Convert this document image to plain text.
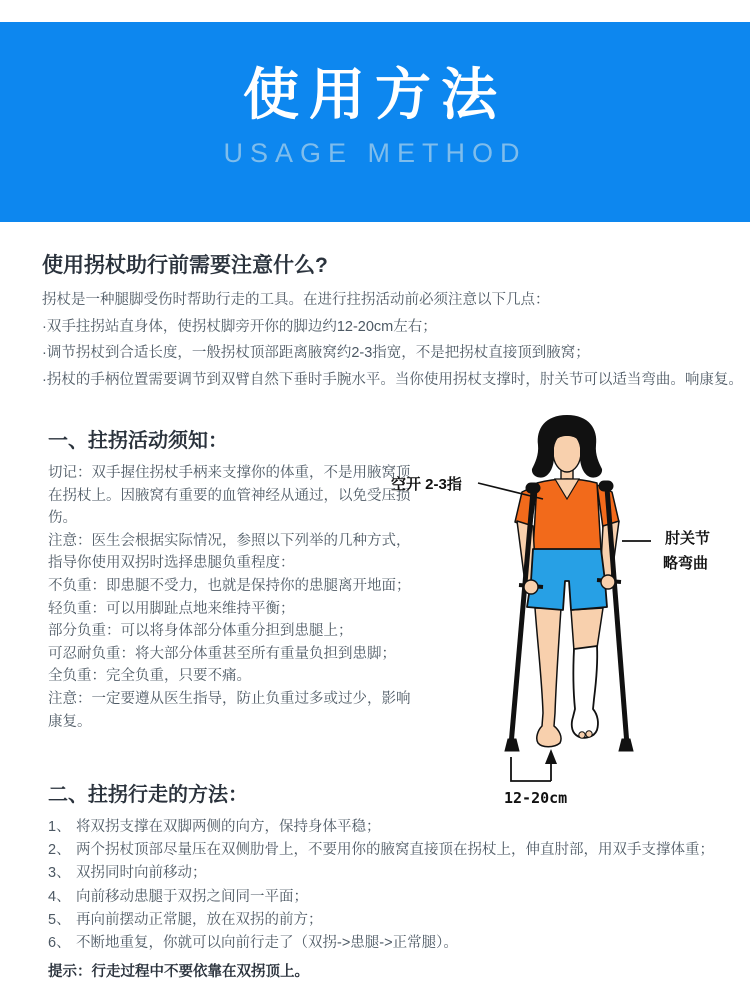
使用方法
USAGE METHOD
使用拐杖助行前需要注意什么?
拐杖是一种腿脚受伤时帮助行走的工具。在进行拄拐活动前必须注意以下几点：
·双手拄拐站直身体，使拐杖脚旁开你的脚边约12-20cm左右；
·调节拐杖到合适长度，一般拐杖顶部距离腋窝约2-3指宽，不是把拐杖直接顶到腋窝；
·拐杖的手柄位置需要调节到双臂自然下垂时手腕水平。当你使用拐杖支撑时，肘关节可以适当弯曲。响康复。
一、拄拐活动须知：
切记：双手握住拐杖手柄来支撑你的体重，不是用腋窝顶
在拐杖上。因腋窝有重要的血管神经从通过，以免受压损
伤。
注意：医生会根据实际情况，参照以下列举的几种方式，
指导你使用双拐时选择患腿负重程度：
不负重：即患腿不受力，也就是保持你的患腿离开地面；
轻负重：可以用脚趾点地来维持平衡；
部分负重：可以将身体部分体重分担到患腿上；
可忍耐负重：将大部分体重甚至所有重量负担到患脚；
全负重：完全负重，只要不痛。
注意：一定要遵从医生指导，防止负重过多或过少，影响
康复。
空开 2-3指
肘关节
略弯曲
12-20cm
二、拄拐行走的方法：
1、 将双拐支撑在双脚两侧的向方，保持身体平稳；
2、 两个拐杖顶部尽量压在双侧肋骨上，不要用你的腋窝直接顶在拐杖上，伸直肘部，用双手支撑体重；
3、 双拐同时向前移动；
4、 向前移动患腿于双拐之间同一平面；
5、 再向前摆动正常腿，放在双拐的前方；
6、 不断地重复，你就可以向前行走了（双拐->患腿->正常腿）。
提示：行走过程中不要依靠在双拐顶上。
